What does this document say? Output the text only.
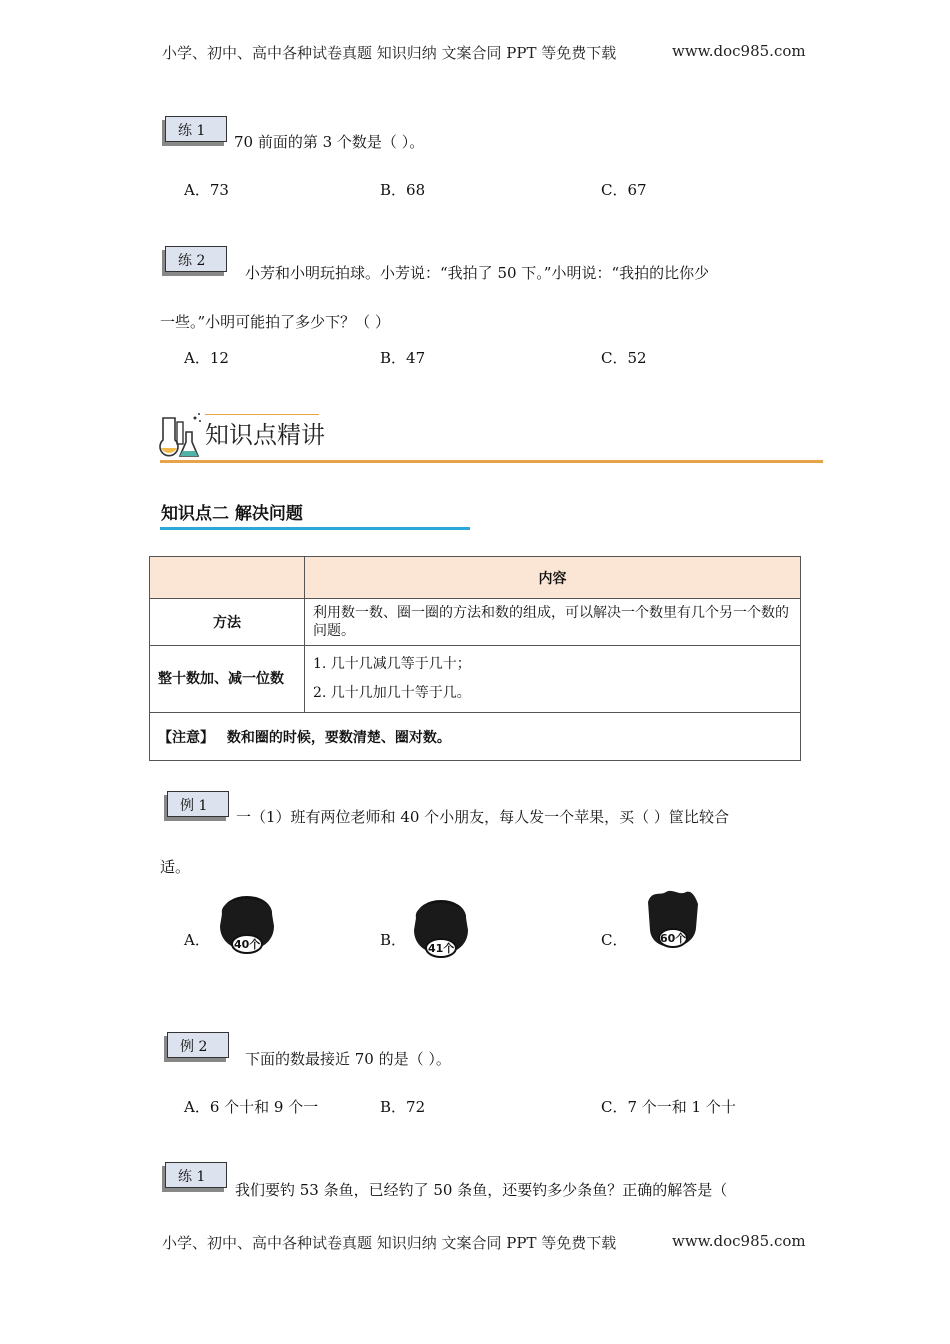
小学、初中、高中各种试卷真题 知识归纳 文案合同 PPT 等免费下载	www.doc985.com
练 1
70 前面的第 3 个数是（ ）。
A．73	B．68	C．67
练 2
小芳和小明玩拍球。小芳说：“我拍了 50 下。”小明说：“我拍的比你少
一些。”小明可能拍了多少下？（ ）
A．12	B．47	C．52
知识点精讲
知识点二 解决问题
	内容
方法	利用数一数、圈一圈的方法和数的组成，可以解决一个数里有几个另一个数的问题。
整十数加、减一位数	1. 几十几减几等于几十；
2. 几十几加几十等于几。

【注意】 数和圈的时候，要数清楚、圈对数。	
例 1
一（1）班有两位老师和 40 个小朋友，每人发一个苹果，买（ ）筐比较合
适。
A． 40个	B． 41个	C．	60个
例 2
下面的数最接近 70 的是（ ）。
A．6 个十和 9 个一	B．72	C．7 个一和 1 个十
练 1
我们要钓 53 条鱼，已经钓了 50 条鱼，还要钓多少条鱼？正确的解答是（
小学、初中、高中各种试卷真题 知识归纳 文案合同 PPT 等免费下载	www.doc985.com
